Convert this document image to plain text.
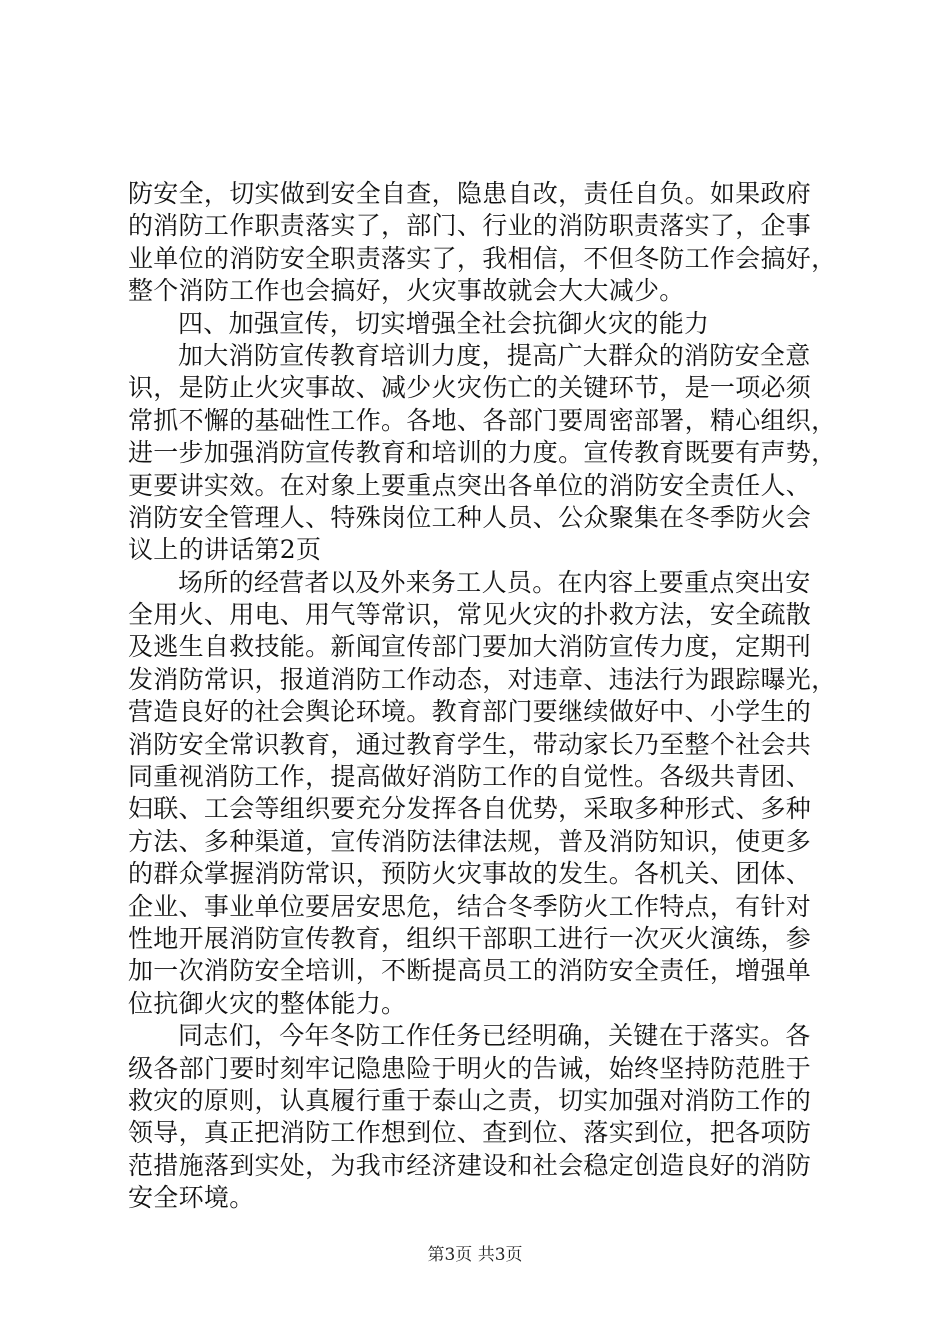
防安全，切实做到安全自查，隐患自改，责任自负。如果政府
的消防工作职责落实了，部门、行业的消防职责落实了，企事
业单位的消防安全职责落实了，我相信，不但冬防工作会搞好，
整个消防工作也会搞好，火灾事故就会大大减少。
四、加强宣传，切实增强全社会抗御火灾的能力
加大消防宣传教育培训力度，提高广大群众的消防安全意
识，是防止火灾事故、减少火灾伤亡的关键环节，是一项必须
常抓不懈的基础性工作。各地、各部门要周密部署，精心组织，
进一步加强消防宣传教育和培训的力度。宣传教育既要有声势，
更要讲实效。在对象上要重点突出各单位的消防安全责任人、
消防安全管理人、特殊岗位工种人员、公众聚集在冬季防火会
议上的讲话第2页
场所的经营者以及外来务工人员。在内容上要重点突出安
全用火、用电、用气等常识，常见火灾的扑救方法，安全疏散
及逃生自救技能。新闻宣传部门要加大消防宣传力度，定期刊
发消防常识，报道消防工作动态，对违章、违法行为跟踪曝光，
营造良好的社会舆论环境。教育部门要继续做好中、小学生的
消防安全常识教育，通过教育学生，带动家长乃至整个社会共
同重视消防工作，提高做好消防工作的自觉性。各级共青团、
妇联、工会等组织要充分发挥各自优势，采取多种形式、多种
方法、多种渠道，宣传消防法律法规，普及消防知识，使更多
的群众掌握消防常识，预防火灾事故的发生。各机关、团体、
企业、事业单位要居安思危，结合冬季防火工作特点，有针对
性地开展消防宣传教育，组织干部职工进行一次灭火演练，参
加一次消防安全培训，不断提高员工的消防安全责任，增强单
位抗御火灾的整体能力。
同志们，今年冬防工作任务已经明确，关键在于落实。各
级各部门要时刻牢记隐患险于明火的告诫，始终坚持防范胜于
救灾的原则，认真履行重于泰山之责，切实加强对消防工作的
领导，真正把消防工作想到位、查到位、落实到位，把各项防
范措施落到实处，为我市经济建设和社会稳定创造良好的消防
安全环境。
第3页 共3页
